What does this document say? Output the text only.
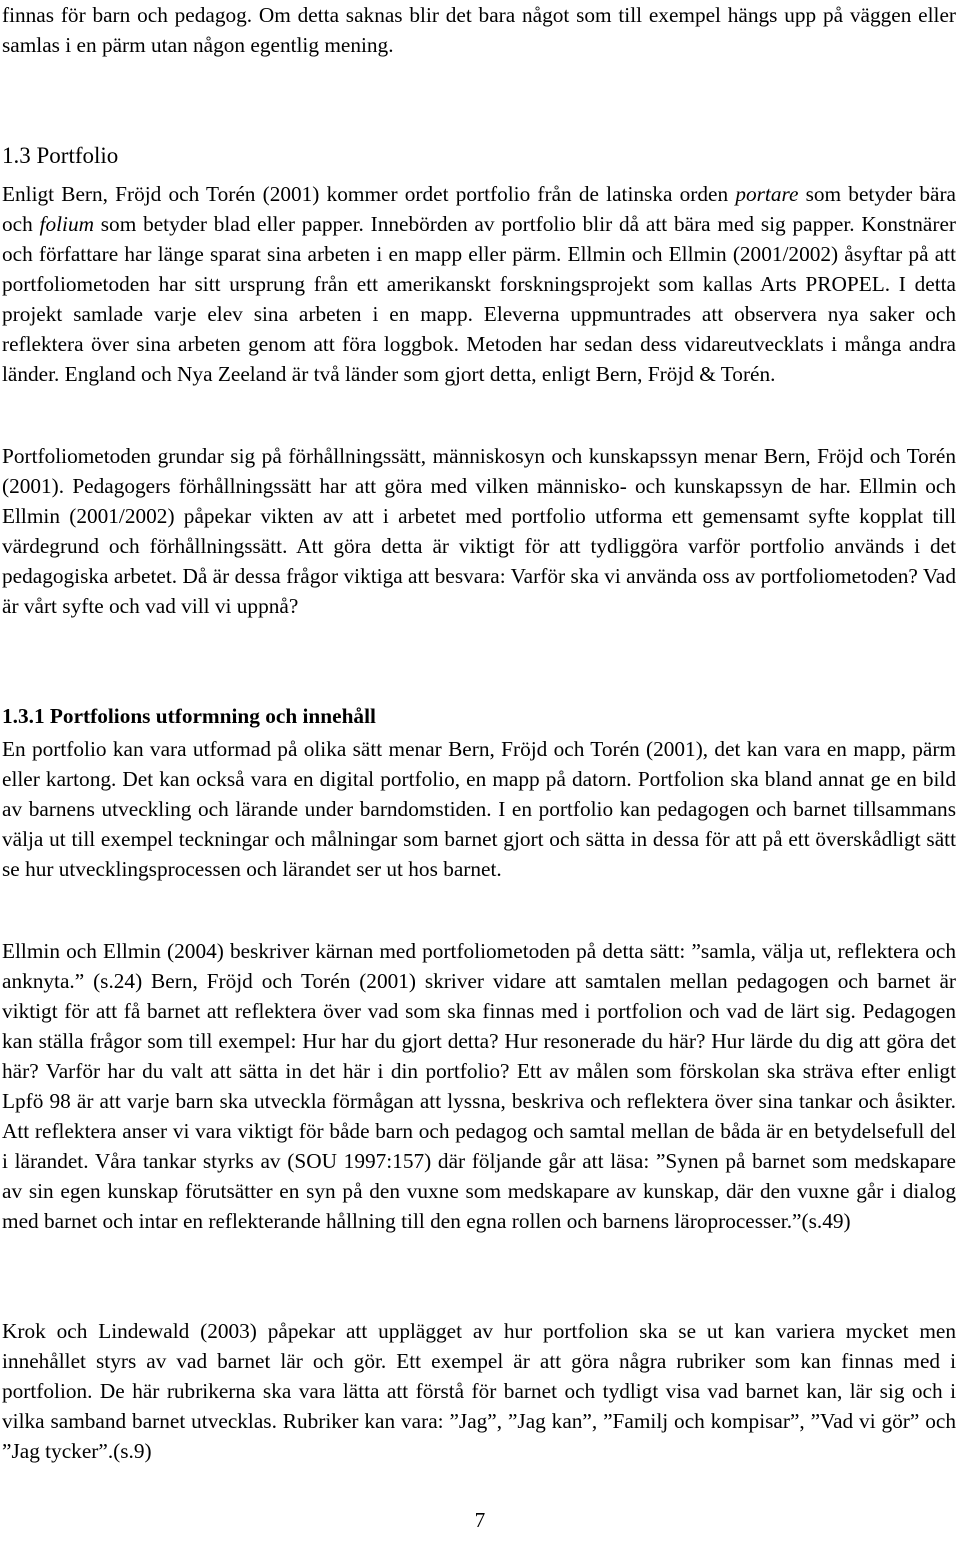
finnas för barn och pedagog. Om detta saknas blir det bara något som till exempel hängs upp på väggen eller samlas i en pärm utan någon egentlig mening.

1.3 Portfolio

Enligt Bern, Fröjd och Torén (2001) kommer ordet portfolio från de latinska orden portare som betyder bära och folium som betyder blad eller papper. Innebörden av portfolio blir då att bära med sig papper. Konstnärer och författare har länge sparat sina arbeten i en mapp eller pärm. Ellmin och Ellmin (2001/2002) åsyftar på att portfoliometoden har sitt ursprung från ett amerikanskt forskningsprojekt som kallas Arts PROPEL. I detta projekt samlade varje elev sina arbeten i en mapp. Eleverna uppmuntrades att observera nya saker och reflektera över sina arbeten genom att föra loggbok. Metoden har sedan dess vidareutvecklats i många andra länder. England och Nya Zeeland är två länder som gjort detta, enligt Bern, Fröjd & Torén.

Portfoliometoden grundar sig på förhållningssätt, människosyn och kunskapssyn menar Bern, Fröjd och Torén (2001). Pedagogers förhållningssätt har att göra med vilken människo- och kunskapssyn de har. Ellmin och Ellmin (2001/2002) påpekar vikten av att i arbetet med portfolio utforma ett gemensamt syfte kopplat till värdegrund och förhållningssätt. Att göra detta är viktigt för att tydliggöra varför portfolio används i det pedagogiska arbetet. Då är dessa frågor viktiga att besvara: Varför ska vi använda oss av portfoliometoden? Vad är vårt syfte och vad vill vi uppnå?

1.3.1 Portfolions utformning och innehåll

En portfolio kan vara utformad på olika sätt menar Bern, Fröjd och Torén (2001), det kan vara en mapp, pärm eller kartong. Det kan också vara en digital portfolio, en mapp på datorn. Portfolion ska bland annat ge en bild av barnens utveckling och lärande under barndomstiden. I en portfolio kan pedagogen och barnet tillsammans välja ut till exempel teckningar och målningar som barnet gjort och sätta in dessa för att på ett överskådligt sätt se hur utvecklingsprocessen och lärandet ser ut hos barnet.

Ellmin och Ellmin (2004) beskriver kärnan med portfoliometoden på detta sätt: ”samla, välja ut, reflektera och anknyta.” (s.24) Bern, Fröjd och Torén (2001) skriver vidare att samtalen mellan pedagogen och barnet är viktigt för att få barnet att reflektera över vad som ska finnas med i portfolion och vad de lärt sig. Pedagogen kan ställa frågor som till exempel: Hur har du gjort detta? Hur resonerade du här? Hur lärde du dig att göra det här? Varför har du valt att sätta in det här i din portfolio? Ett av målen som förskolan ska sträva efter enligt Lpfö 98 är att varje barn ska utveckla förmågan att lyssna, beskriva och reflektera över sina tankar och åsikter. Att reflektera anser vi vara viktigt för både barn och pedagog och samtal mellan de båda är en betydelsefull del i lärandet. Våra tankar styrks av (SOU 1997:157) där följande går att läsa: ”Synen på barnet som medskapare av sin egen kunskap förutsätter en syn på den vuxne som medskapare av kunskap, där den vuxne går i dialog med barnet och intar en reflekterande hållning till den egna rollen och barnens läroprocesser.”(s.49)

Krok och Lindewald (2003) påpekar att upplägget av hur portfolion ska se ut kan variera mycket men innehållet styrs av vad barnet lär och gör. Ett exempel är att göra några rubriker som kan finnas med i portfolion. De här rubrikerna ska vara lätta att förstå för barnet och tydligt visa vad barnet kan, lär sig och i vilka samband barnet utvecklas. Rubriker kan vara: ”Jag”, ”Jag kan”, ”Familj och kompisar”, ”Vad vi gör” och ”Jag tycker”.(s.9)

7
